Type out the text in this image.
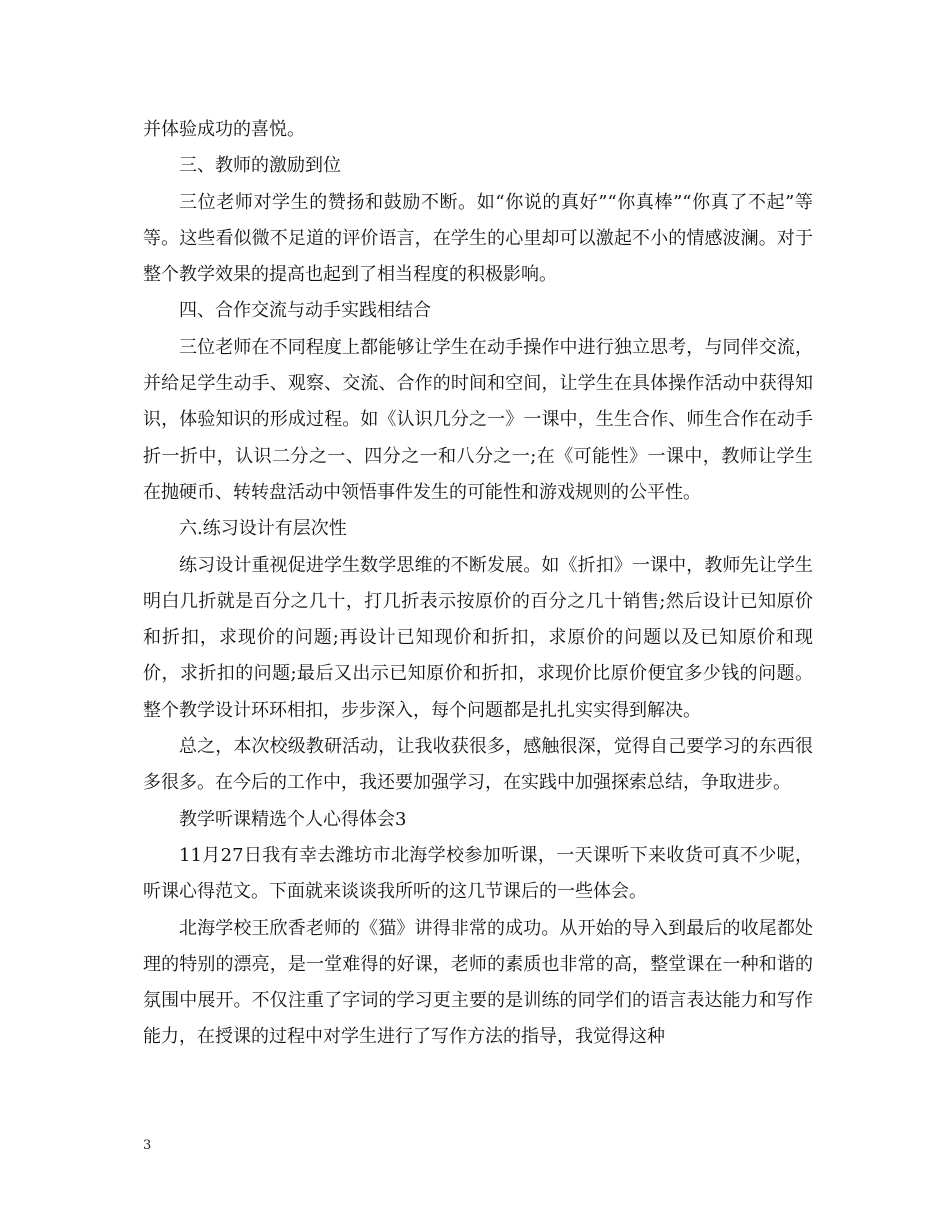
并体验成功的喜悦。

三、教师的激励到位

三位老师对学生的赞扬和鼓励不断。如“你说的真好”“你真棒”“你真了不起”等等。这些看似微不足道的评价语言，在学生的心里却可以激起不小的情感波澜。对于整个教学效果的提高也起到了相当程度的积极影响。

四、合作交流与动手实践相结合

三位老师在不同程度上都能够让学生在动手操作中进行独立思考，与同伴交流，并给足学生动手、观察、交流、合作的时间和空间，让学生在具体操作活动中获得知识，体验知识的形成过程。如《认识几分之一》一课中，生生合作、师生合作在动手折一折中，认识二分之一、四分之一和八分之一;在《可能性》一课中，教师让学生在抛硬币、转转盘活动中领悟事件发生的可能性和游戏规则的公平性。

六.练习设计有层次性

练习设计重视促进学生数学思维的不断发展。如《折扣》一课中，教师先让学生明白几折就是百分之几十，打几折表示按原价的百分之几十销售;然后设计已知原价和折扣，求现价的问题;再设计已知现价和折扣，求原价的问题以及已知原价和现价，求折扣的问题;最后又出示已知原价和折扣，求现价比原价便宜多少钱的问题。整个教学设计环环相扣，步步深入，每个问题都是扎扎实实得到解决。

总之，本次校级教研活动，让我收获很多，感触很深，觉得自己要学习的东西很多很多。在今后的工作中，我还要加强学习，在实践中加强探索总结，争取进步。

教学听课精选个人心得体会3

11月27日我有幸去潍坊市北海学校参加听课，一天课听下来收货可真不少呢，听课心得范文。下面就来谈谈我所听的这几节课后的一些体会。

北海学校王欣香老师的《猫》讲得非常的成功。从开始的导入到最后的收尾都处理的特别的漂亮，是一堂难得的好课，老师的素质也非常的高，整堂课在一种和谐的氛围中展开。不仅注重了字词的学习更主要的是训练的同学们的语言表达能力和写作能力，在授课的过程中对学生进行了写作方法的指导，我觉得这种

3
